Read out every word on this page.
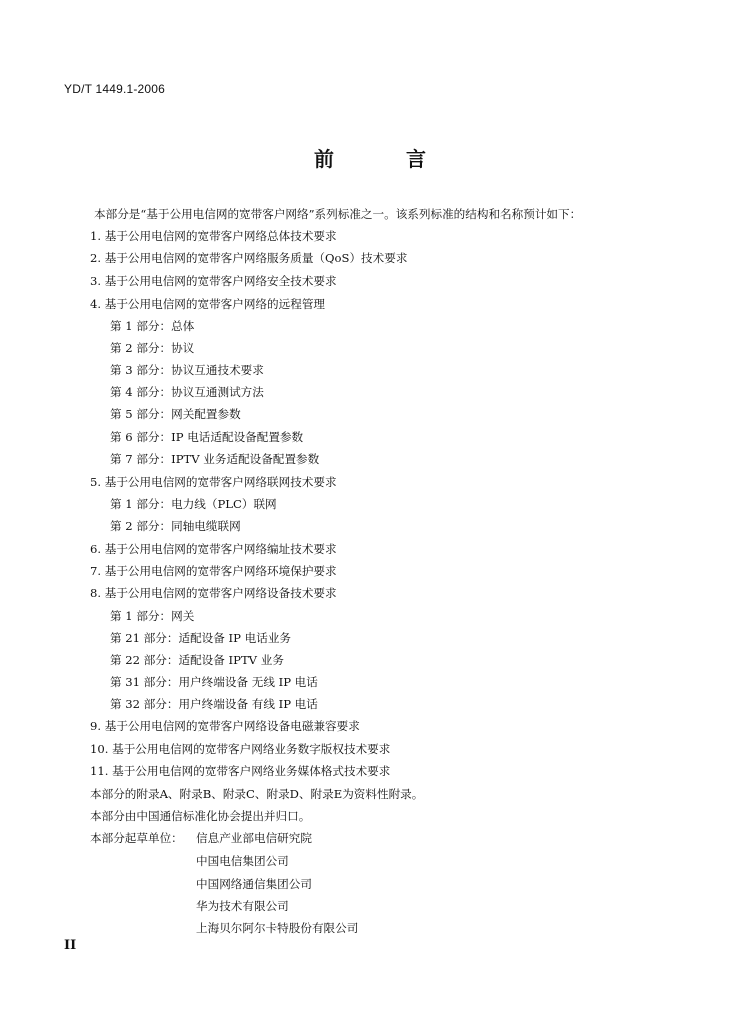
YD/T 1449.1-2006
前　言
本部分是“基于公用电信网的宽带客户网络”系列标准之一。该系列标准的结构和名称预计如下：
1. 基于公用电信网的宽带客户网络总体技术要求
2. 基于公用电信网的宽带客户网络服务质量（QoS）技术要求
3. 基于公用电信网的宽带客户网络安全技术要求
4. 基于公用电信网的宽带客户网络的远程管理
第 1 部分：总体
第 2 部分：协议
第 3 部分：协议互通技术要求
第 4 部分：协议互通测试方法
第 5 部分：网关配置参数
第 6 部分：IP 电话适配设备配置参数
第 7 部分：IPTV 业务适配设备配置参数
5. 基于公用电信网的宽带客户网络联网技术要求
第 1 部分：电力线（PLC）联网
第 2 部分：同轴电缆联网
6. 基于公用电信网的宽带客户网络编址技术要求
7. 基于公用电信网的宽带客户网络环境保护要求
8. 基于公用电信网的宽带客户网络设备技术要求
第 1 部分：网关
第 21 部分：适配设备 IP 电话业务
第 22 部分：适配设备 IPTV 业务
第 31 部分：用户终端设备 无线 IP 电话
第 32 部分：用户终端设备 有线 IP 电话
9. 基于公用电信网的宽带客户网络设备电磁兼容要求
10. 基于公用电信网的宽带客户网络业务数字版权技术要求
11. 基于公用电信网的宽带客户网络业务媒体格式技术要求
本部分的附录A、附录B、附录C、附录D、附录E为资料性附录。
本部分由中国通信标准化协会提出并归口。
本部分起草单位： 信息产业部电信研究院
中国电信集团公司
中国网络通信集团公司
华为技术有限公司
上海贝尔阿尔卡特股份有限公司
II
